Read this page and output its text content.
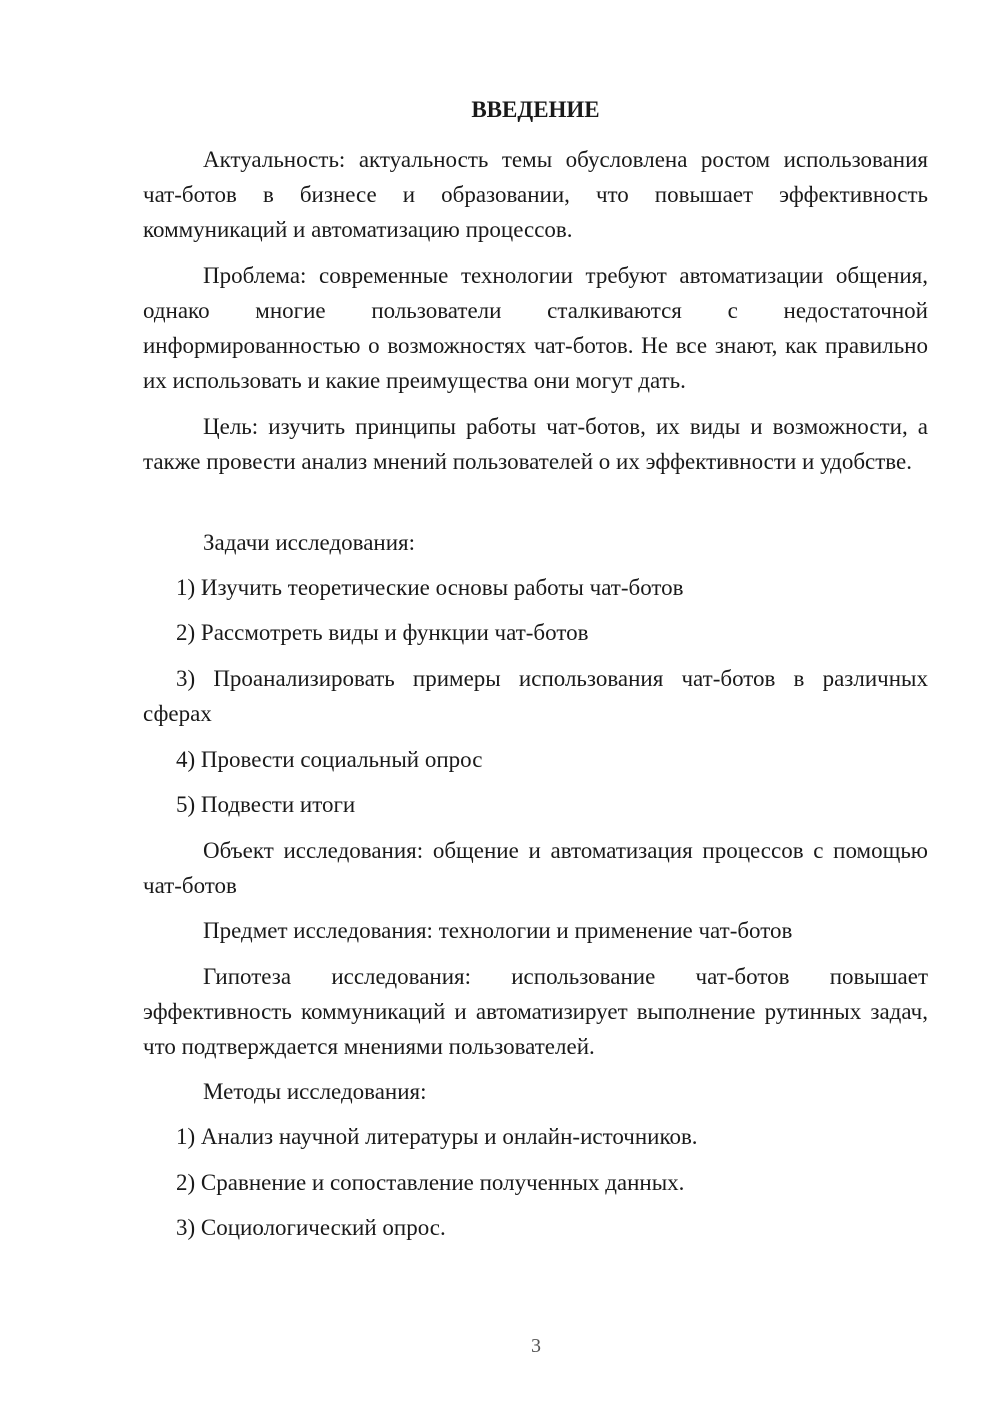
ВВЕДЕНИЕ

Актуальность: актуальность темы обусловлена ростом использования чат-ботов в бизнесе и образовании, что повышает эффективность коммуникаций и автоматизацию процессов.

Проблема: современные технологии требуют автоматизации общения, однако многие пользователи сталкиваются с недостаточной информированностью о возможностях чат-ботов. Не все знают, как правильно их использовать и какие преимущества они могут дать.

Цель: изучить принципы работы чат-ботов, их виды и возможности, а также провести анализ мнений пользователей о их эффективности и удобстве.

Задачи исследования:

1) Изучить теоретические основы работы чат-ботов

2) Рассмотреть виды и функции чат-ботов

3) Проанализировать примеры использования чат-ботов в различных сферах

4) Провести социальный опрос

5) Подвести итоги

Объект исследования: общение и автоматизация процессов с помощью чат-ботов

Предмет исследования: технологии и применение чат-ботов

Гипотеза исследования: использование чат-ботов повышает эффективность коммуникаций и автоматизирует выполнение рутинных задач, что подтверждается мнениями пользователей.

Методы исследования:

1) Анализ научной литературы и онлайн-источников.

2) Сравнение и сопоставление полученных данных.

3) Социологический опрос.

3
